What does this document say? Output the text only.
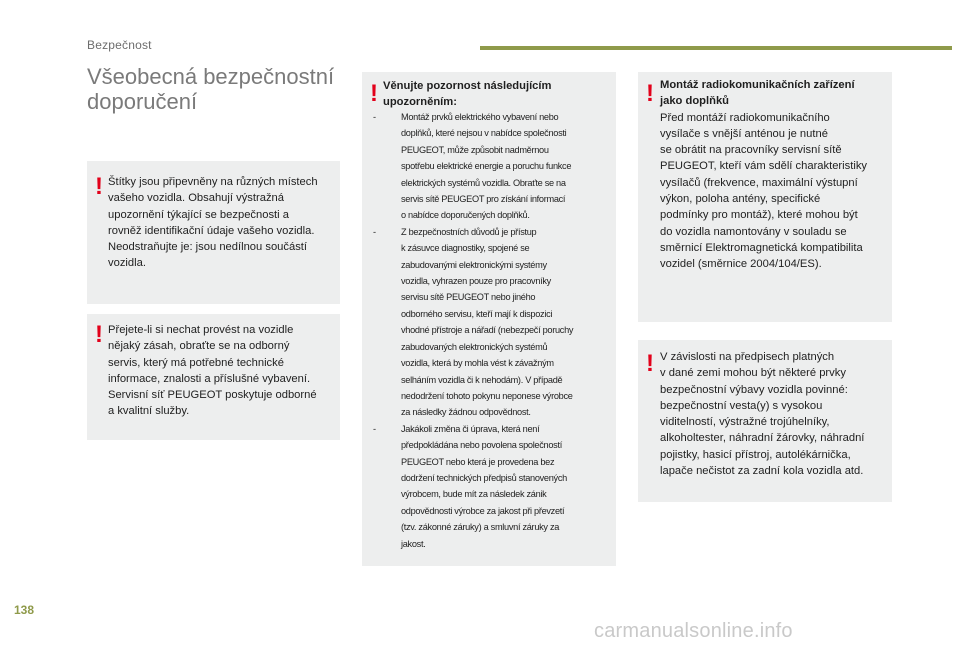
Bezpečnost
Všeobecná bezpečnostní
doporučení
! Štítky jsou připevněny na různých místech
vašeho vozidla. Obsahují výstražná
upozornění týkající se bezpečnosti a
rovněž identifikační údaje vašeho vozidla.
Neodstraňujte je: jsou nedílnou součástí
vozidla.
! Přejete-li si nechat provést na vozidle
nějaký zásah, obraťte se na odborný
servis, který má potřebné technické
informace, znalosti a příslušné vybavení.
Servisní síť PEUGEOT poskytuje odborné
a kvalitní služby.
! Věnujte pozornost následujícím
upozorněním:
-	Montáž prvků elektrického vybavení nebo
doplňků, které nejsou v nabídce společnosti
PEUGEOT, může způsobit nadměrnou
spotřebu elektrické energie a poruchu funkce
elektrických systémů vozidla. Obraťte se na
servis sítě PEUGEOT pro získání informací
o nabídce doporučených doplňků.
-	Z bezpečnostních důvodů je přístup
k zásuvce diagnostiky, spojené se
zabudovanými elektronickými systémy
vozidla, vyhrazen pouze pro pracovníky
servisu sítě PEUGEOT nebo jiného
odborného servisu, kteří mají k dispozici
vhodné přístroje a nářadí (nebezpečí poruchy
zabudovaných elektronických systémů
vozidla, která by mohla vést k závažným
selháním vozidla či k nehodám). V případě
nedodržení tohoto pokynu neponese výrobce
za následky žádnou odpovědnost.
-	Jakákoli změna či úprava, která není
předpokládána nebo povolena společností
PEUGEOT nebo která je provedena bez
dodržení technických předpisů stanovených
výrobcem, bude mít za následek zánik
odpovědnosti výrobce za jakost při převzetí
(tzv. zákonné záruky) a smluvní záruky za
jakost.
! Montáž radiokomunikačních zařízení
jako doplňků
Před montáží radiokomunikačního
vysílače s vnější anténou je nutné
se obrátit na pracovníky servisní sítě
PEUGEOT, kteří vám sdělí charakteristiky
vysílačů (frekvence, maximální výstupní
výkon, poloha antény, specifické
podmínky pro montáž), které mohou být
do vozidla namontovány v souladu se
směrnicí Elektromagnetická kompatibilita
vozidel (směrnice 2004/104/ES).
! V závislosti na předpisech platných
v dané zemi mohou být některé prvky
bezpečnostní výbavy vozidla povinné:
bezpečnostní vesta(y) s vysokou
viditelností, výstražné trojúhelníky,
alkoholtester, náhradní žárovky, náhradní
pojistky, hasicí přístroj, autolékárnička,
lapače nečistot za zadní kola vozidla atd.
138
carmanualsonline.info
